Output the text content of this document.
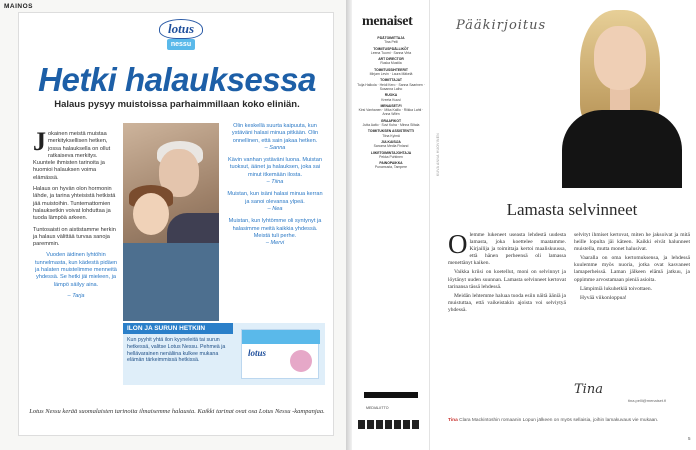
MAINOS
lotus
nessu
Hetki halauksessa
Halaus pysyy muistoissa parhaimmillaan koko eliniän.
J okainen meistä muistaa merkityksellisen hetken, jossa halauksella on ollut ratkaiseva merkitys. Kuuntele ihmisten tarinoita ja huomioi halauksen voima elämässä.

Halaus on hyvän olon hormonin lähde, ja tarina yhteisistä hetkistä jää muistoihin. Tuntemattomien halauksetkin voivat lohduttaa ja tuoda lämpöä arkeen.

Tuntosaisti on aististamme herkin ja halaus välittää turvaa sanoja paremmin.

Vuoden äidinen lyhtöhin tunnelmasta, kun kädestä pidäen ja halaten muistelimme menneitä yhdessä. Se hetki jäi mieleen, ja lämpö säilyy aina.

– Tarja

Olin keskellä suurta kaipuuta, kun ystäväni halasi minua pitkään. Olin onnellinen, että sain jakaa hetken.
– Sanna
Kävin vanhan ystäväni luona. Muistan tuoksut, äänet ja halauksen, joka sai minut itkemään ilosta.
– Tiina
Muistan, kun isäni halasi minua kerran ja sanoi olevansa ylpeä.
– Nea
Muistan, kun lyhtömme oli syntynyt ja halasimme meitä kaikkia yhdessä. Meistä tuli perhe.
– Mervi
ILON JA SURUN HETKIIN
Kun pyyhit yhtä ilon kyyneleitä tai surun hetkessä, valitse Lotus Nessu. Pehmeä ja hellävarainen nenäliina kulkee mukana elämän tärkeimmissä hetkissä.
lotus
Lotus Nessu kerää suomalaisten tarinoita ilmaisemme halausta. Kaikki tarinat ovat osa Lotus Nessu -kampanjaa.
menaiset
PÄÄTOIMITTAJA
Tina Pelli
TOIMITUSPÄÄLLIKÖT
Leena Tuomi · Sanna Virta
ART DIRECTOR
Ruska Mustila
TOIMITUSSIHTEERIT
Mirjam Levin · Laura Mäkelä
TOIMITTAJAT
Tuija Halkola · Heidi Kero · Sanna Saarinen · Susanna Laiho
RUOKA
Kreeta Kuusi
MENAISET.FI
Kirsi Vanhanen · Mika Kallio · Riikka Lahti · Anna Wilén
GRAAFIKOT
Jutta Aalto · Suvi Kuha · Minna Siltala
TOIMITUKSEN ASSISTENTTI
Tiina Kylmä
JULKAISIJA
Sanoma Media Finland
LIIKETOIMINTAJOHTAJA
Pekka Puhtinen
PAINOPAIKKA
Punamusta, Tampere
MEDIALIITTO
KUVA ANNA HUOVINEN
Pääkirjoitus
Lamasta selvinneet
O lemme lukeneet useasta lehdestä uudesta lamasta, joka koettelee maatamme. Kirjailija ja toimittaja kertoi maaliskuussa, että hänen perheensä oli lamassa menettänyt kaiken.

Vaikka kriisi on koetellut, moni on selvinnyt ja löytänyt uuden suunnan. Lamasta selvinneet kertovat tarinansa tässä lehdessä.

Meidän lehtemme haluaa tuoda esiin näitä ääniä ja muistuttaa, että vaikeistakin ajoista voi selviytyä yhdessä.

selvityt ihmiset kertovat, miten he jaksoivat ja mitä heille lopulta jäi käteen. Kaikki eivät halunneet muistella, mutta monet halusivat.

Vaaralla on oma kertomuksensa, ja lehdessä kuulemme myös nuoria, jotka ovat kasvaneet lamaperheissä. Laman jälkeen elämä jatkuu, ja oppimme arvostamaan pieniä asioita.

Lämpimiä lukuhetkiä toivottaen.

Hyvää viikonloppua!

Tina
tina.pelli@menaiset.fi
Tina Clara Mackintoshin romaanin Lopun jälkeen on myös sellaisia, joihin lamakuvaus vie mukaan.
5
